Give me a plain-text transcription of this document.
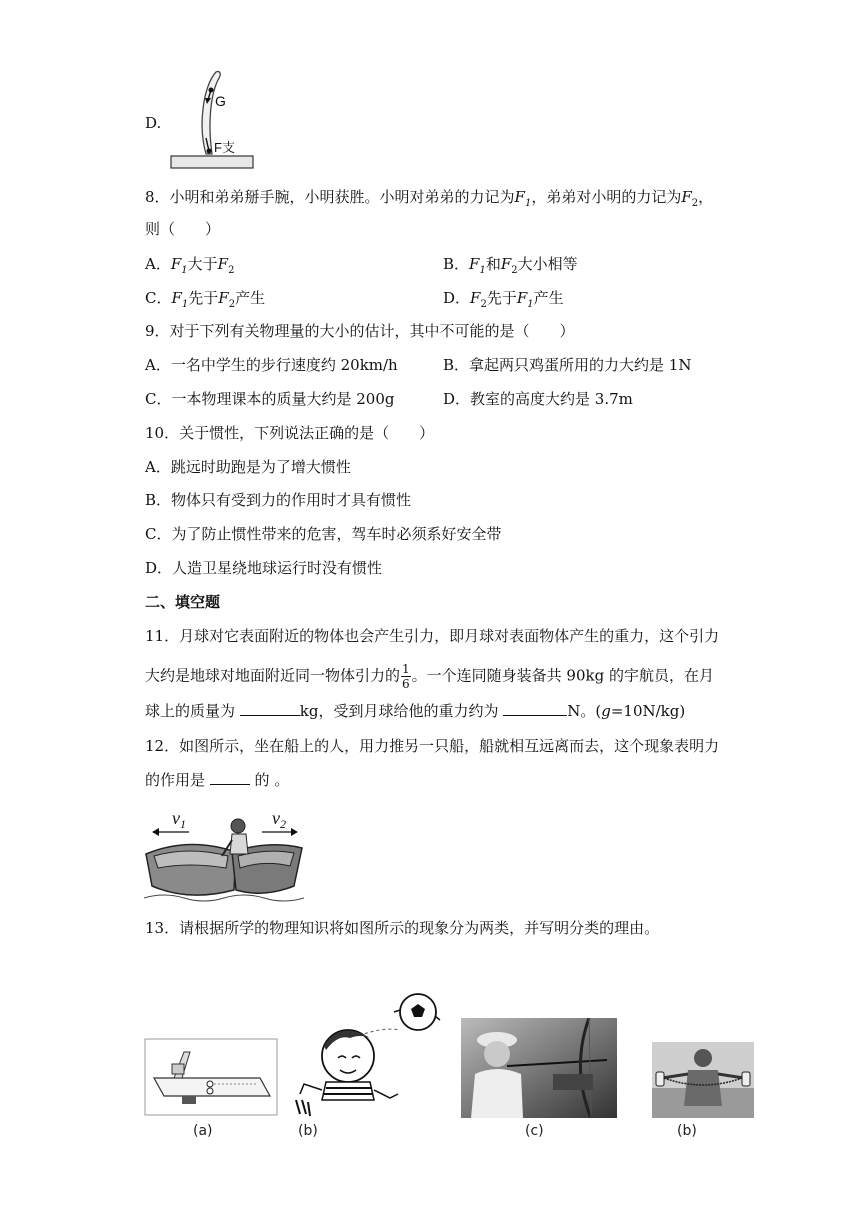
D.
G
F支
8．小明和弟弟掰手腕，小明获胜。小明对弟弟的力记为$F_1$，弟弟对小明的力记为$F_2$，
则（　　）
A．$F_1$大于$F_2$	B．$F_1$和$F_2$大小相等
C．$F_1$先于$F_2$产生	D．$F_2$先于$F_1$产生
9．对于下列有关物理量的大小的估计，其中不可能的是（　　）
A．一名中学生的步行速度约 20km/h	B．拿起两只鸡蛋所用的力大约是 1N
C．一本物理课本的质量大约是 200g	D．教室的高度大约是 3.7m
10．关于惯性，下列说法正确的是（　　）
A．跳远时助跑是为了增大惯性
B．物体只有受到力的作用时才具有惯性
C．为了防止惯性带来的危害，驾车时必须系好安全带
D．人造卫星绕地球运行时没有惯性
二、填空题
11．月球对它表面附近的物体也会产生引力，即月球对表面物体产生的重力，这个引力
大约是地球对地面附近同一物体引力的 $\frac{1}{6}$ 。一个连同随身装备共 90kg 的宇航员，在月
球上的质量为	kg，受到月球给他的重力约为	N。(g=10N/kg)
12．如图所示，坐在船上的人，用力推另一只船，船就相互远离而去，这个现象表明力
的作用是	的 。
$v_1$	$v_2$
13．请根据所学的物理知识将如图所示的现象分为两类，并写明分类的理由。
(a)	(b)	(c)	(b)
